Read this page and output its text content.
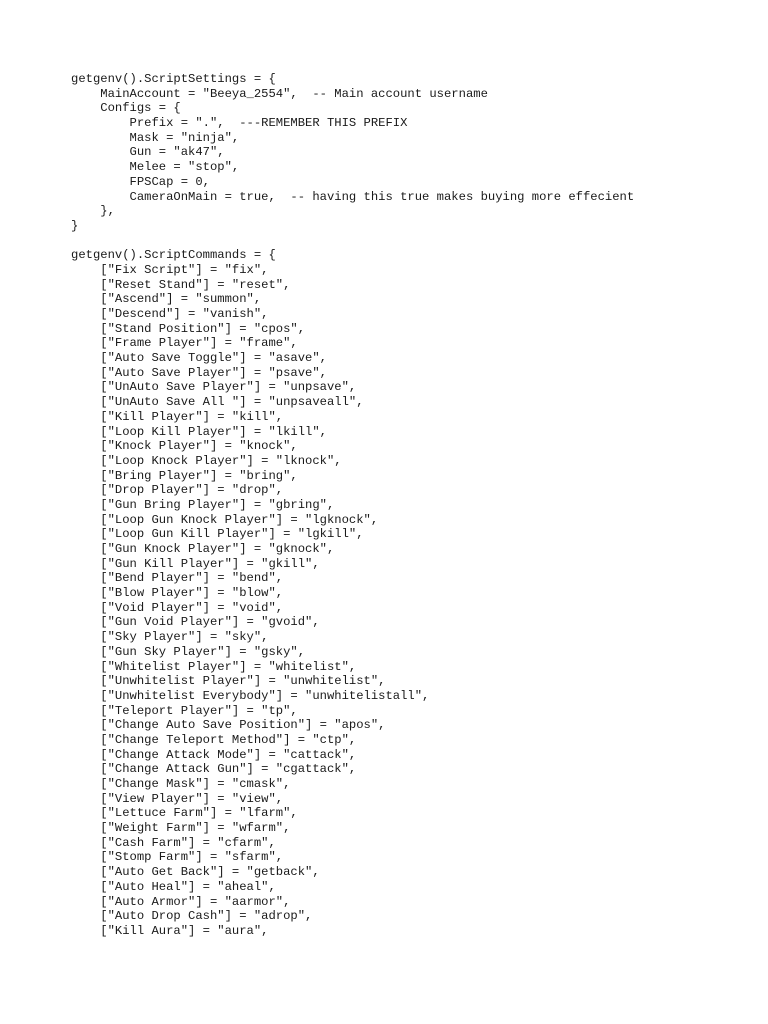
getgenv().ScriptSettings = {
MainAccount = "Beeya_2554",  -- Main account username
Configs = {
Prefix = ".",  ---REMEMBER THIS PREFIX
Mask = "ninja",
Gun = "ak47",
Melee = "stop",
FPSCap = 0,
CameraOnMain = true,  -- having this true makes buying more effecient
},
}
getgenv().ScriptCommands = {
["Fix Script"] = "fix",
["Reset Stand"] = "reset",
["Ascend"] = "summon",
["Descend"] = "vanish",
["Stand Position"] = "cpos",
["Frame Player"] = "frame",
["Auto Save Toggle"] = "asave",
["Auto Save Player"] = "psave",
["UnAuto Save Player"] = "unpsave",
["UnAuto Save All "] = "unpsaveall",
["Kill Player"] = "kill",
["Loop Kill Player"] = "lkill",
["Knock Player"] = "knock",
["Loop Knock Player"] = "lknock",
["Bring Player"] = "bring",
["Drop Player"] = "drop",
["Gun Bring Player"] = "gbring",
["Loop Gun Knock Player"] = "lgknock",
["Loop Gun Kill Player"] = "lgkill",
["Gun Knock Player"] = "gknock",
["Gun Kill Player"] = "gkill",
["Bend Player"] = "bend",
["Blow Player"] = "blow",
["Void Player"] = "void",
["Gun Void Player"] = "gvoid",
["Sky Player"] = "sky",
["Gun Sky Player"] = "gsky",
["Whitelist Player"] = "whitelist",
["Unwhitelist Player"] = "unwhitelist",
["Unwhitelist Everybody"] = "unwhitelistall",
["Teleport Player"] = "tp",
["Change Auto Save Position"] = "apos",
["Change Teleport Method"] = "ctp",
["Change Attack Mode"] = "cattack",
["Change Attack Gun"] = "cgattack",
["Change Mask"] = "cmask",
["View Player"] = "view",
["Lettuce Farm"] = "lfarm",
["Weight Farm"] = "wfarm",
["Cash Farm"] = "cfarm",
["Stomp Farm"] = "sfarm",
["Auto Get Back"] = "getback",
["Auto Heal"] = "aheal",
["Auto Armor"] = "aarmor",
["Auto Drop Cash"] = "adrop",
["Kill Aura"] = "aura",
